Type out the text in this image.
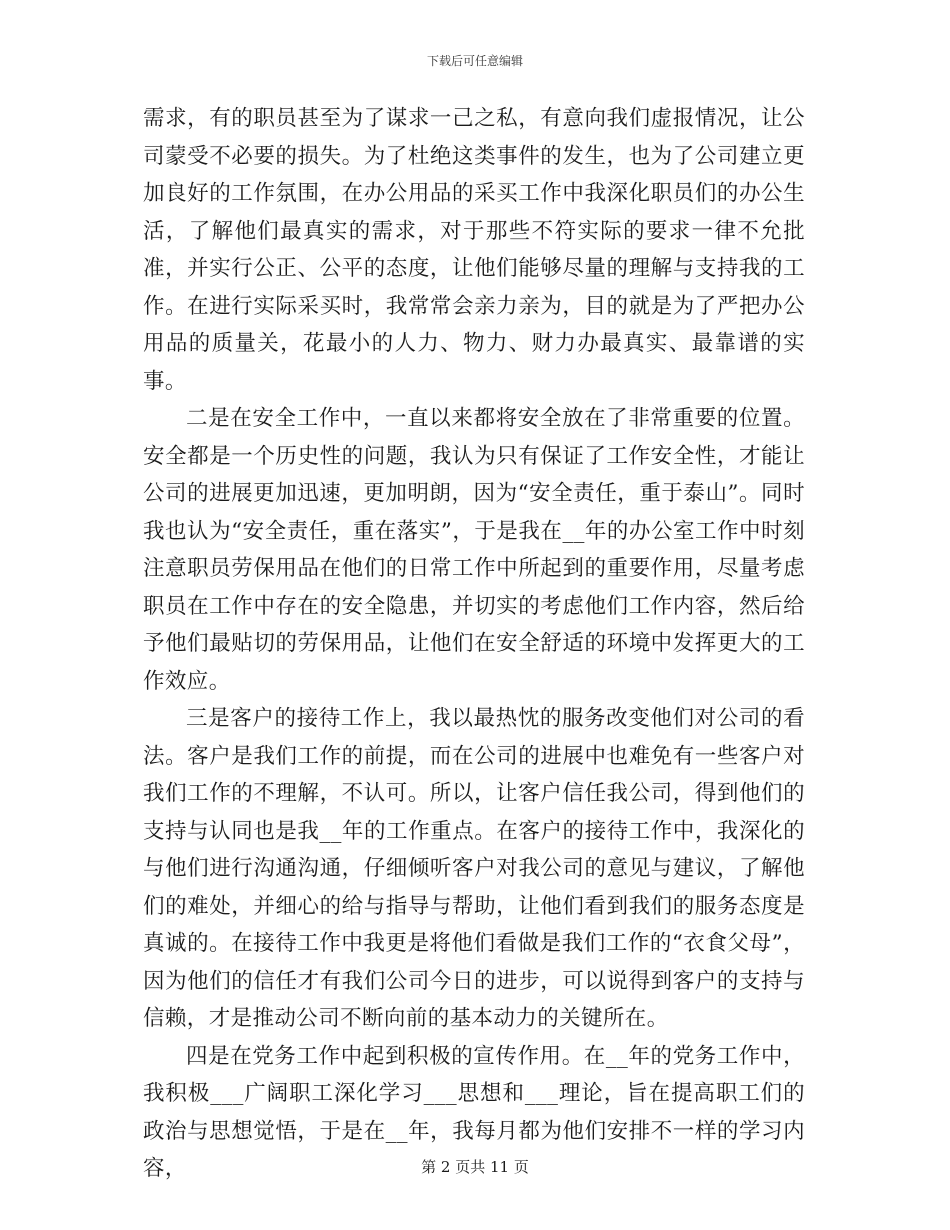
下载后可任意编辑

需求，有的职员甚至为了谋求一己之私，有意向我们虚报情况，让公司蒙受不必要的损失。为了杜绝这类事件的发生，也为了公司建立更加良好的工作氛围，在办公用品的采买工作中我深化职员们的办公生活，了解他们最真实的需求，对于那些不符实际的要求一律不允批准，并实行公正、公平的态度，让他们能够尽量的理解与支持我的工作。在进行实际采买时，我常常会亲力亲为，目的就是为了严把办公用品的质量关，花最小的人力、物力、财力办最真实、最靠谱的实事。

二是在安全工作中，一直以来都将安全放在了非常重要的位置。安全都是一个历史性的问题，我认为只有保证了工作安全性，才能让公司的进展更加迅速，更加明朗，因为“安全责任，重于泰山”。同时我也认为“安全责任，重在落实”，于是我在__年的办公室工作中时刻注意职员劳保用品在他们的日常工作中所起到的重要作用，尽量考虑职员在工作中存在的安全隐患，并切实的考虑他们工作内容，然后给予他们最贴切的劳保用品，让他们在安全舒适的环境中发挥更大的工作效应。

三是客户的接待工作上，我以最热忱的服务改变他们对公司的看法。客户是我们工作的前提，而在公司的进展中也难免有一些客户对我们工作的不理解，不认可。所以，让客户信任我公司，得到他们的支持与认同也是我__年的工作重点。在客户的接待工作中，我深化的与他们进行沟通沟通，仔细倾听客户对我公司的意见与建议，了解他们的难处，并细心的给与指导与帮助，让他们看到我们的服务态度是真诚的。在接待工作中我更是将他们看做是我们工作的“衣食父母”，因为他们的信任才有我们公司今日的进步，可以说得到客户的支持与信赖，才是推动公司不断向前的基本动力的关键所在。

四是在党务工作中起到积极的宣传作用。在__年的党务工作中，我积极___广阔职工深化学习___思想和___理论，旨在提高职工们的政治与思想觉悟，于是在__年，我每月都为他们安排不一样的学习内容，	第 2 页共 11 页
